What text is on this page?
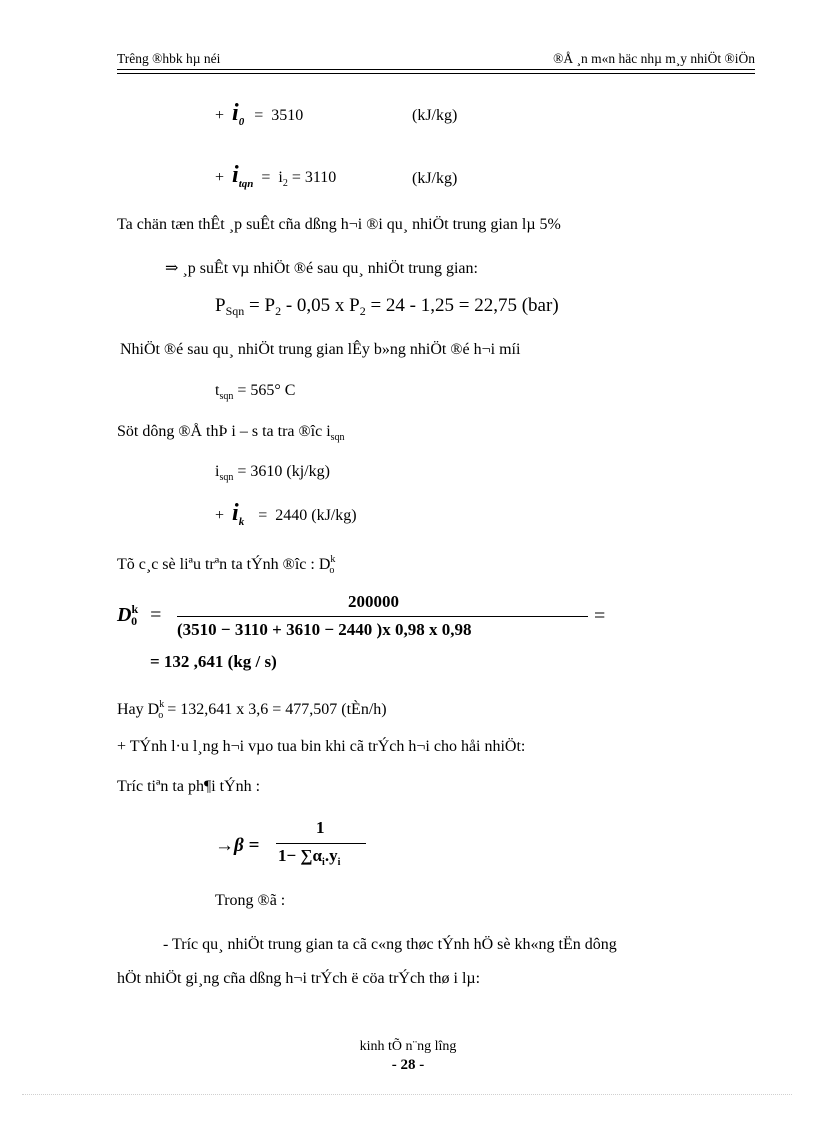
Trêng ®hbk hµ néi	®Å ¸n m«n häc nhµ m¸y nhiÖt ®iÖn
+ $i_0 = 3510$	(kJ/kg)
+ $i_{tqn} = i_2 = 3110$	(kJ/kg)
Ta chän tæn thÊt ¸p suÊt cña dßng h¬i ®i qu¸ nhiÖt trung gian lµ 5%
⇒ ¸p suÊt vµ nhiÖt ®é sau qu¸ nhiÖt trung gian:
$P_{Sqn} = P_2 - 0,05$ x $P_2 = 24 - 1,25 = 22,75$ (bar)
NhiÖt ®é sau qu¸ nhiÖt trung gian lÊy b»ng nhiÖt ®é h¬i míi
$t_{sqn} = 565^\circ$ C
Söt dông ®Å thÞ i – s ta tra ®îc $i_{sqn}$
$i_{sqn} = 3610$ (kj/kg)
+ $i_k = 2440$ (kJ/kg)
Tõ c¸c sè liªu trªn ta tÝnh ®îc : $D^k_o$
$D^k_0$ =
200000
(3510 − 3110 + 3610 − 2440 )x 0,98 x 0,98
=
= 132 ,641 (kg / s)
Hay $D^k_o = 132,641$ x 3,6 = 477,507 (tÈn/h)
+ TÝnh l·u l¸ng h¬i vµo tua bin khi cã trÝch h¬i cho håi nhiÖt:
Tríc tiªn ta ph¶i tÝnh :
→β =
1
$1- \sum\alpha_i.y_i$
Trong ®ã :
- Tríc qu¸ nhiÖt trung gian ta cã c«ng thøc tÝnh hÖ sè kh«ng tËn dông
hÖt nhiÖt gi¸ng cña dßng h¬i trÝch ë cöa trÝch thø i lµ:
kinh tÕ n¨ng lîng
- 28 -
